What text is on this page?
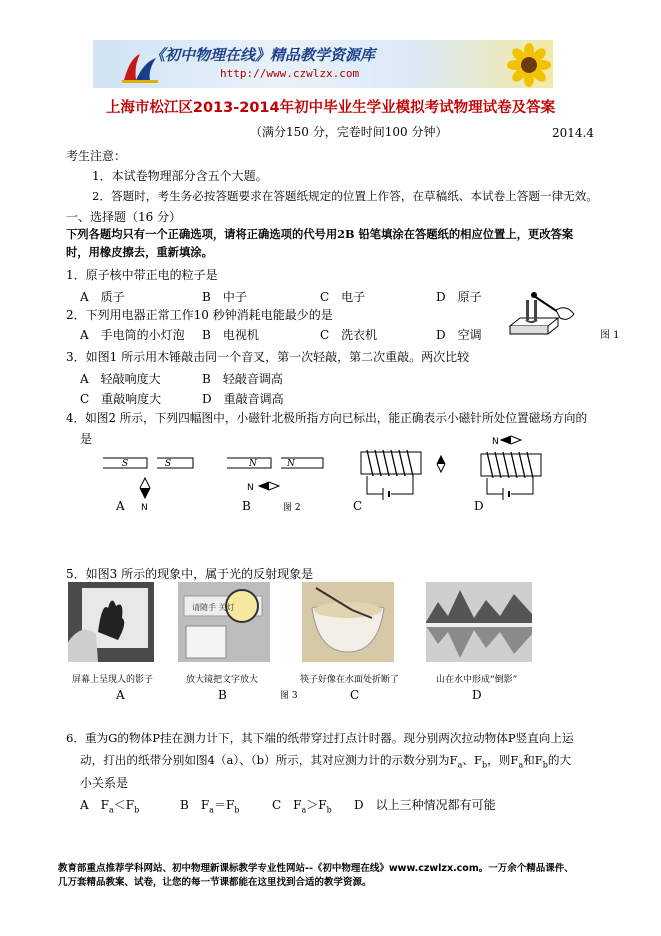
《初中物理在线》精品教学资源库
http://www.czwlzx.com
上海市松江区2013-2014年初中毕业生学业模拟考试物理试卷及答案
（满分150 分，完卷时间100 分钟）	2014.4
考生注意：
1．本试卷物理部分含五个大题。
2．答题时，考生务必按答题要求在答题纸规定的位置上作答，在草稿纸、本试卷上答题一律无效。
一、选择题（16 分）
下列各题均只有一个正确选项，请将正确选项的代号用2B 铅笔填涂在答题纸的相应位置上，更改答案
时，用橡皮擦去，重新填涂。
1．原子核中带正电的粒子是
A　质子	B　中子	C　电子	D　原子
图 1
2．下列用电器正常工作10 秒钟消耗电能最少的是
A　手电筒的小灯泡 B　电视机	C　洗衣机	D　空调
3．如图1 所示用木锤敲击同一个音叉，第一次轻敲，第二次重敲。两次比较
A　轻敲响度大	B　轻敲音调高
C　重敲响度大	D　重敲音调高
4．如图2 所示，下列四幅图中，小磁针北极所指方向已标出，能正确表示小磁针所处位置磁场方向的
是
S	S
N
N	N
N
N
A	B	图 2	C	D
5．如图3 所示的现象中，属于光的反射现象是
请随手 关灯
屏幕上呈现人的影子	放大镜把文字放大	筷子好像在水面处折断了	山在水中形成“倒影”
A	B	图 3	C	D
6．重为G的物体P挂在测力计下，其下端的纸带穿过打点计时器。现分别两次拉动物体P竖直向上运
动，打出的纸带分别如图4（a）、（b）所示，其对应测力计的示数分别为$F_a$、$F_b$，则$F_a$和$F_b$的大
小关系是
A　$F_a<F_b$	B　$F_a=F_b$	C　$F_a>F_b$ D　以上三种情况都有可能
教育部重点推荐学科网站、初中物理新课标教学专业性网站--《初中物理在线》www.czwlzx.com。一万余个精品课件、
几万套精品教案、试卷，让您的每一节课都能在这里找到合适的教学资源。
